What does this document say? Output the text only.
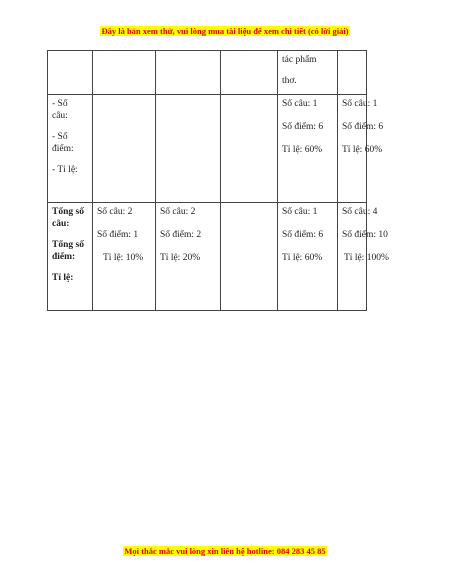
Đây là bản xem thử, vui lòng mua tài liệu để xem chi tiết (có lời giải)

				tác phẩm
thơ.	

- Số
câu:
- Số
điểm:
- Tỉ lệ:				Số câu: 1
Số điểm: 6
Tỉ lệ: 60%	Số câu: 1
Số điểm: 6
Tỉ lệ: 60%

Tổng số
câu:
Tổng số
điểm:
Tỉ lệ:	Số câu: 2
Số điểm: 1
Tỉ lệ: 10%	Số câu: 2
Số điểm: 2
Tỉ lệ: 20%		Số câu: 1
Số điểm: 6
Tỉ lệ: 60%	Số câu: 4
Số điểm: 10
Tỉ lệ: 100%
Mọi thắc mắc vui lòng xin liên hệ hotline: 084 283 45 85
